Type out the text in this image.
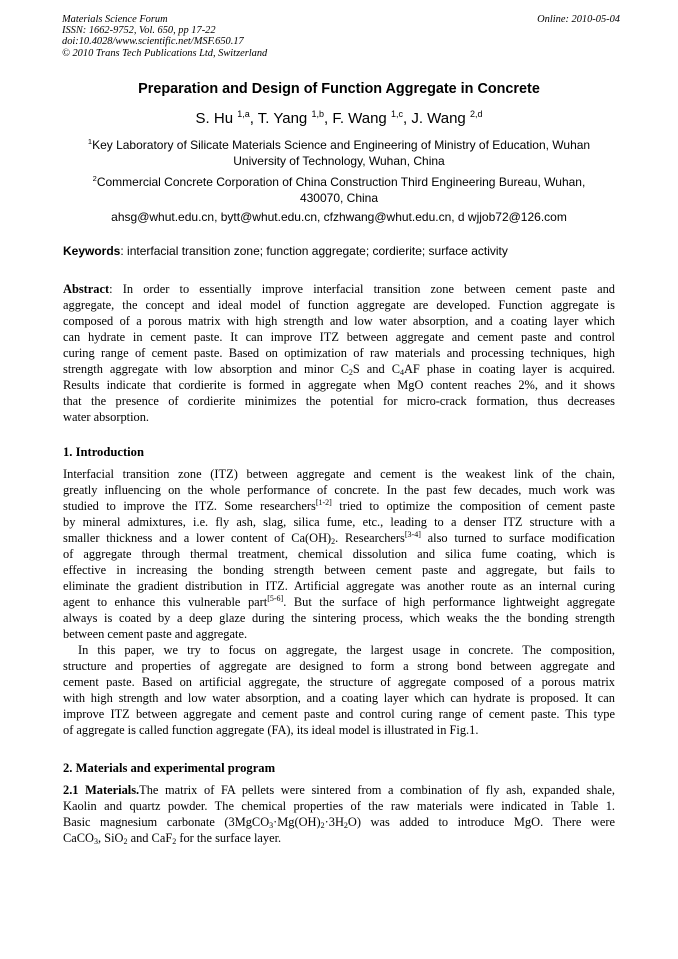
Materials Science Forum
ISSN: 1662-9752, Vol. 650, pp 17-22
doi:10.4028/www.scientific.net/MSF.650.17
© 2010 Trans Tech Publications Ltd, Switzerland
Online: 2010-05-04
Preparation and Design of Function Aggregate in Concrete
S. Hu $^{1,a}$, T. Yang $^{1,b}$, F. Wang $^{1,c}$, J. Wang $^{2,d}$
$^1$Key Laboratory of Silicate Materials Science and Engineering of Ministry of Education, Wuhan
University of Technology, Wuhan, China
$^2$Commercial Concrete Corporation of China Construction Third Engineering Bureau, Wuhan,
430070, China
ahsg@whut.edu.cn, bytt@whut.edu.cn, cfzhwang@whut.edu.cn, d wjjob72@126.com
Keywords: interfacial transition zone; function aggregate; cordierite; surface activity
Abstract: In order to essentially improve interfacial transition zone between cement paste and
aggregate, the concept and ideal model of function aggregate are developed. Function aggregate is
composed of a porous matrix with high strength and low water absorption, and a coating layer which
can hydrate in cement paste. It can improve ITZ between aggregate and cement paste and control
curing range of cement paste. Based on optimization of raw materials and processing techniques, high
strength aggregate with low absorption and minor $C_2S$ and $C_4AF$ phase in coating layer is acquired.
Results indicate that cordierite is formed in aggregate when MgO content reaches 2%, and it shows
that the presence of cordierite minimizes the potential for micro-crack formation, thus decreases
water absorption.
1. Introduction
Interfacial transition zone (ITZ) between aggregate and cement is the weakest link of the chain,
greatly influencing on the whole performance of concrete. In the past few decades, much work was
studied to improve the ITZ. Some researchers[1-2] tried to optimize the composition of cement paste
by mineral admixtures, i.e. fly ash, slag, silica fume, etc., leading to a denser ITZ structure with a
smaller thickness and a lower content of $Ca(OH)_2$. Researchers[3-4] also turned to surface modification
of aggregate through thermal treatment, chemical dissolution and silica fume coating, which is
effective in increasing the bonding strength between cement paste and aggregate, but fails to
eliminate the gradient distribution in ITZ. Artificial aggregate was another route as an internal curing
agent to enhance this vulnerable part[5-6]. But the surface of high performance lightweight aggregate
always is coated by a deep glaze during the sintering process, which weaks the the bonding strength
between cement paste and aggregate.
In this paper, we try to focus on aggregate, the largest usage in concrete. The composition,
structure and properties of aggregate are designed to form a strong bond between aggregate and
cement paste. Based on artificial aggregate, the structure of aggregate composed of a porous matrix
with high strength and low water absorption, and a coating layer which can hydrate is proposed. It can
improve ITZ between aggregate and cement paste and control curing range of cement paste. This type
of aggregate is called function aggregate (FA), its ideal model is illustrated in Fig.1.
2. Materials and experimental program
2.1 Materials.The matrix of FA pellets were sintered from a combination of fly ash, expanded shale,
Kaolin and quartz powder. The chemical properties of the raw materials were indicated in Table 1.
Basic magnesium carbonate $(3MgCO_3\cdot Mg(OH)_2\cdot 3H_2O)$ was added to introduce MgO. There were
CaCO$_3$, SiO$_2$ and CaF$_2$ for the surface layer.
